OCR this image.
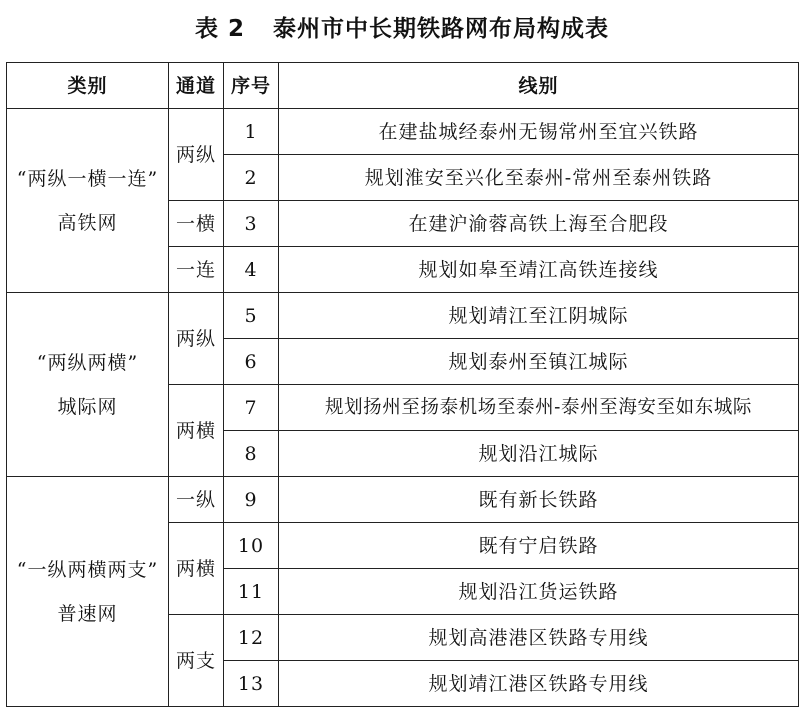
表 2 泰州市中长期铁路网布局构成表
类别	通道	序号	线别

“两纵一横一连”
高铁网	两纵	1	在建盐城经泰州无锡常州至宜兴铁路
		2	规划淮安至兴化至泰州-常州至泰州铁路
	一横	3	在建沪渝蓉高铁上海至合肥段
	一连	4	规划如皋至靖江高铁连接线

“两纵两横”
城际网	两纵	5	规划靖江至江阴城际
		6	规划泰州至镇江城际
	两横	7	规划扬州至扬泰机场至泰州-泰州至海安至如东城际
		8	规划沿江城际

“一纵两横两支”
普速网	一纵	9	既有新长铁路
	两横	10	既有宁启铁路
		11	规划沿江货运铁路
	两支	12	规划高港港区铁路专用线
		13	规划靖江港区铁路专用线
